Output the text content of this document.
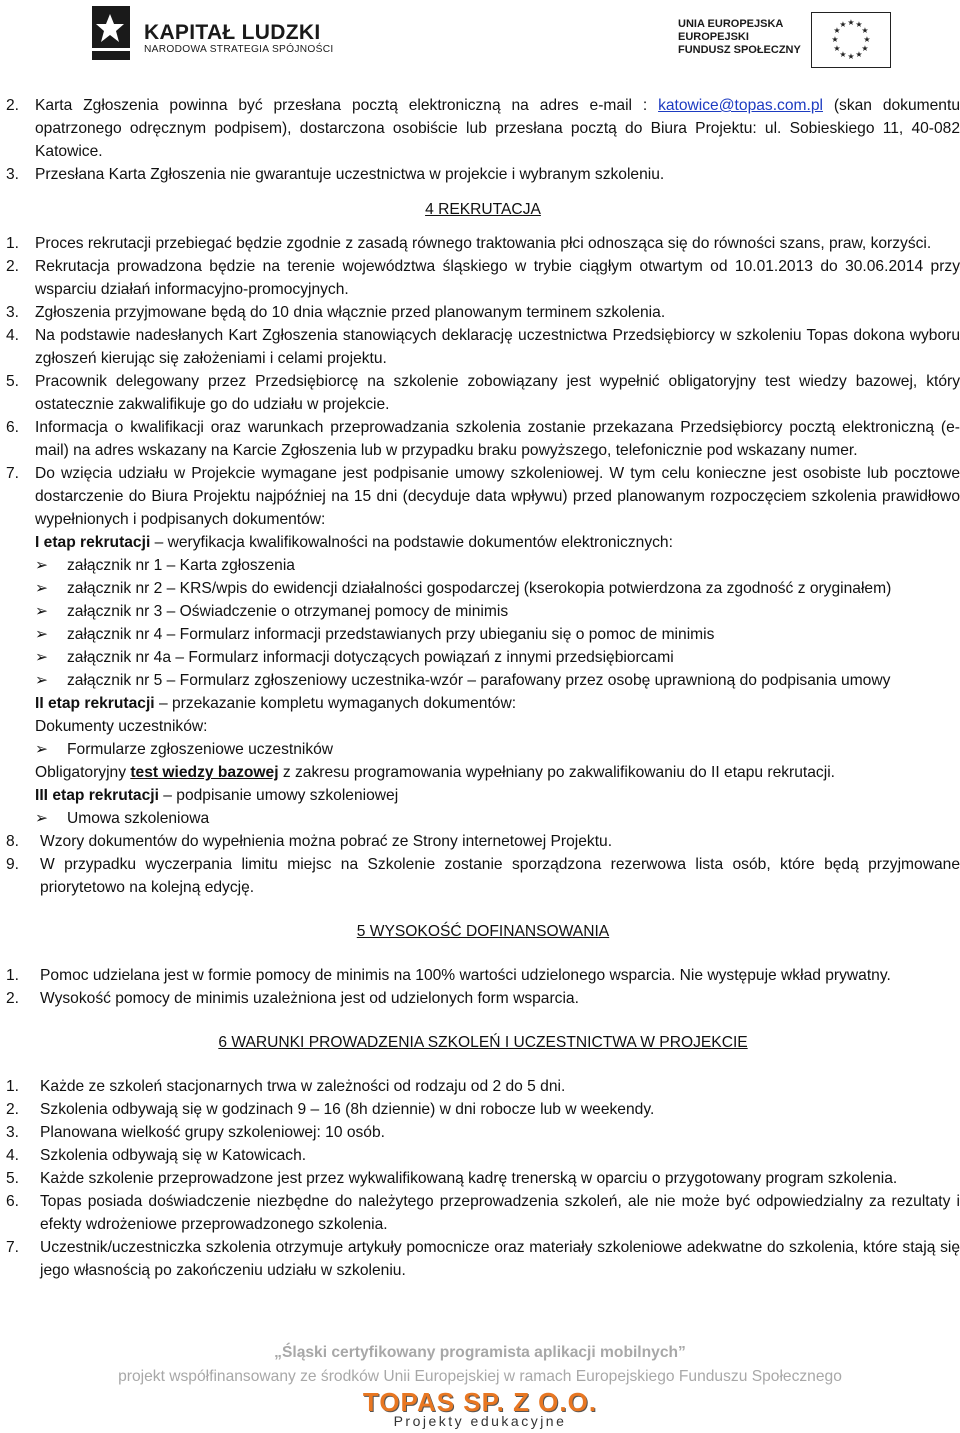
KAPITAŁ LUDZKI
NARODOWA STRATEGIA SPÓJNOŚCI
UNIA EUROPEJSKA
EUROPEJSKI
FUNDUSZ SPOŁECZNY
★ ★
★
★
★
★
★
★
★
★
★
★
2.	Karta Zgłoszenia powinna być przesłana pocztą elektroniczną na adres e-mail : katowice@topas.com.pl (skan dokumentu opatrzonego odręcznym podpisem), dostarczona osobiście lub przesłana pocztą do Biura Projektu: ul. Sobieskiego 11, 40-082 Katowice.
3.	Przesłana Karta Zgłoszenia nie gwarantuje uczestnictwa w projekcie i wybranym szkoleniu.
4 REKRUTACJA
1.	Proces rekrutacji przebiegać będzie zgodnie z zasadą równego traktowania płci odnosząca się do równości szans, praw, korzyści.
2.	Rekrutacja prowadzona będzie na terenie województwa śląskiego w trybie ciągłym otwartym od 10.01.2013 do 30.06.2014 przy wsparciu działań informacyjno-promocyjnych.
3.	Zgłoszenia przyjmowane będą do 10 dnia włącznie przed planowanym terminem szkolenia.
4.	Na podstawie nadesłanych Kart Zgłoszenia stanowiących deklarację uczestnictwa Przedsiębiorcy w szkoleniu Topas dokona wyboru zgłoszeń kierując się założeniami i celami projektu.
5.	Pracownik delegowany przez Przedsiębiorcę na szkolenie zobowiązany jest wypełnić obligatoryjny test wiedzy bazowej, który ostatecznie zakwalifikuje go do udziału w projekcie.
6.	Informacja o kwalifikacji oraz warunkach przeprowadzania szkolenia zostanie przekazana Przedsiębiorcy pocztą elektroniczną (e-mail) na adres wskazany na Karcie Zgłoszenia lub w przypadku braku powyższego, telefonicznie pod wskazany numer.
7.	Do wzięcia udziału w Projekcie wymagane jest podpisanie umowy szkoleniowej. W tym celu konieczne jest osobiste lub pocztowe dostarczenie do Biura Projektu najpóźniej na 15 dni (decyduje data wpływu) przed planowanym rozpoczęciem szkolenia prawidłowo wypełnionych i podpisanych dokumentów:
I etap rekrutacji – weryfikacja kwalifikowalności na podstawie dokumentów elektronicznych:
➢	załącznik nr 1 – Karta zgłoszenia
➢	załącznik nr 2 – KRS/wpis do ewidencji działalności gospodarczej (kserokopia potwierdzona za zgodność z oryginałem)
➢	załącznik nr 3 – Oświadczenie o otrzymanej pomocy de minimis
➢	załącznik nr 4 – Formularz informacji przedstawianych przy ubieganiu się o pomoc de minimis
➢	załącznik nr 4a – Formularz informacji dotyczących powiązań z innymi przedsiębiorcami
➢	załącznik nr 5 – Formularz zgłoszeniowy uczestnika-wzór – parafowany przez osobę uprawnioną do podpisania umowy
II etap rekrutacji – przekazanie kompletu wymaganych dokumentów:
Dokumenty uczestników:
➢	Formularze zgłoszeniowe uczestników
Obligatoryjny test wiedzy bazowej z zakresu programowania wypełniany po zakwalifikowaniu do II etapu rekrutacji.
III etap rekrutacji – podpisanie umowy szkoleniowej
➢	Umowa szkoleniowa
8.	Wzory dokumentów do wypełnienia można pobrać ze Strony internetowej Projektu.
9.	W przypadku wyczerpania limitu miejsc na Szkolenie zostanie sporządzona rezerwowa lista osób, które będą przyjmowane priorytetowo na kolejną edycję.
5 WYSOKOŚĆ DOFINANSOWANIA
1.	Pomoc udzielana jest w formie pomocy de minimis na 100% wartości udzielonego wsparcia. Nie występuje wkład prywatny.
2.	Wysokość pomocy de minimis uzależniona jest od udzielonych form wsparcia.
6 WARUNKI PROWADZENIA SZKOLEŃ I UCZESTNICTWA W PROJEKCIE
1.	Każde ze szkoleń stacjonarnych trwa w zależności od rodzaju od 2 do 5 dni.
2.	Szkolenia odbywają się w godzinach 9 – 16 (8h dziennie) w dni robocze lub w weekendy.
3.	Planowana wielkość grupy szkoleniowej: 10 osób.
4.	Szkolenia odbywają się w Katowicach.
5.	Każde szkolenie przeprowadzone jest przez wykwalifikowaną kadrę trenerską w oparciu o przygotowany program szkolenia.
6.	Topas posiada doświadczenie niezbędne do należytego przeprowadzenia szkoleń, ale nie może być odpowiedzialny za rezultaty i efekty wdrożeniowe przeprowadzonego szkolenia.
7.	Uczestnik/uczestniczka szkolenia otrzymuje artykuły pomocnicze oraz materiały szkoleniowe adekwatne do szkolenia, które stają się jego własnością po zakończeniu udziału w szkoleniu.
„Śląski certyfikowany programista aplikacji mobilnych”
projekt współfinansowany ze środków Unii Europejskiej w ramach Europejskiego Funduszu Społecznego
TOPAS SP. Z O.O.
Projekty edukacyjne
